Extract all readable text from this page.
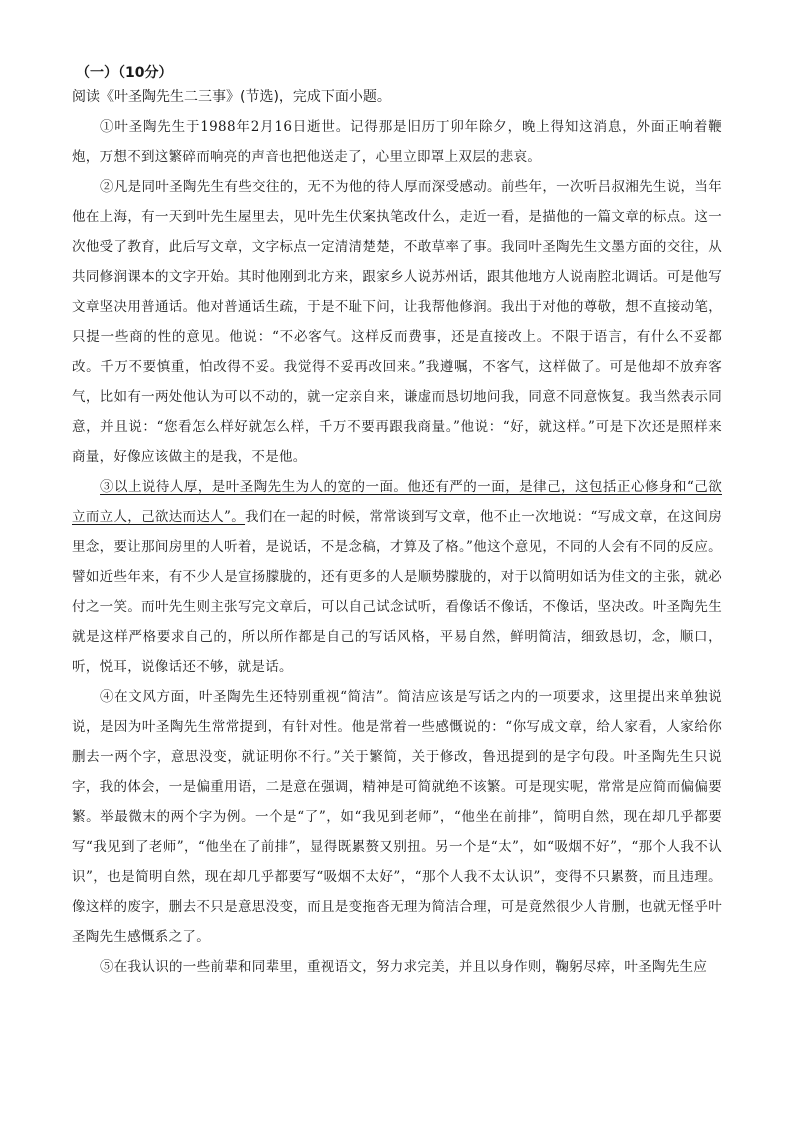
（一）（10分）
阅读《叶圣陶先生二三事》(节选)，完成下面小题。

①叶圣陶先生于1988年2月16日逝世。记得那是旧历丁卯年除夕，晚上得知这消息，外面正响着鞭炮，万想不到这繁碎而响亮的声音也把他送走了，心里立即罩上双层的悲哀。

②凡是同叶圣陶先生有些交往的，无不为他的待人厚而深受感动。前些年，一次听吕叔湘先生说，当年他在上海，有一天到叶先生屋里去，见叶先生伏案执笔改什么，走近一看，是描他的一篇文章的标点。这一次他受了教育，此后写文章，文字标点一定清清楚楚，不敢草率了事。我同叶圣陶先生文墨方面的交往，从共同修润课本的文字开始。其时他刚到北方来，跟家乡人说苏州话，跟其他地方人说南腔北调话。可是他写文章坚决用普通话。他对普通话生疏，于是不耻下问，让我帮他修润。我出于对他的尊敬，想不直接动笔，只提一些商的性的意见。他说：“不必客气。这样反而费事，还是直接改上。不限于语言，有什么不妥都改。千万不要慎重，怕改得不妥。我觉得不妥再改回来。”我遵嘱，不客气，这样做了。可是他却不放弃客气，比如有一两处他认为可以不动的，就一定亲自来，谦虚而恳切地问我，同意不同意恢复。我当然表示同意，并且说：“您看怎么样好就怎么样，千万不要再跟我商量。”他说：“好，就这样。”可是下次还是照样来商量，好像应该做主的是我，不是他。

③以上说待人厚，是叶圣陶先生为人的宽的一面。他还有严的一面，是律己，这包括正心修身和“己欲立而立人，己欲达而达人”。我们在一起的时候，常常谈到写文章，他不止一次地说：“写成文章，在这间房里念，要让那间房里的人听着，是说话，不是念稿，才算及了格。”他这个意见，不同的人会有不同的反应。譬如近些年来，有不少人是宣扬朦胧的，还有更多的人是顺势朦胧的，对于以简明如话为佳文的主张，就必付之一笑。而叶先生则主张写完文章后，可以自己试念试听，看像话不像话，不像话，坚决改。叶圣陶先生就是这样严格要求自己的，所以所作都是自己的写话风格，平易自然，鲜明简洁，细致恳切，念，顺口，听，悦耳，说像话还不够，就是话。

④在文风方面，叶圣陶先生还特别重视“简洁”。简洁应该是写话之内的一项要求，这里提出来单独说说，是因为叶圣陶先生常常提到，有针对性。他是常着一些感慨说的：“你写成文章，给人家看，人家给你删去一两个字，意思没变，就证明你不行。”关于繁简，关于修改，鲁迅提到的是字句段。叶圣陶先生只说字，我的体会，一是偏重用语，二是意在强调，精神是可简就绝不该繁。可是现实呢，常常是应简而偏偏要繁。举最微末的两个字为例。一个是“了”，如“我见到老师”，“他坐在前排”，简明自然，现在却几乎都要写“我见到了老师”，“他坐在了前排”，显得既累赘又别扭。另一个是“太”，如“吸烟不好”，“那个人我不认识”，也是简明自然，现在却几乎都要写“吸烟不太好”，“那个人我不太认识”，变得不只累赘，而且违理。像这样的废字，删去不只是意思没变，而且是变拖沓无理为简洁合理，可是竟然很少人肯删，也就无怪乎叶圣陶先生感慨系之了。

⑤在我认识的一些前辈和同辈里，重视语文，努力求完美，并且以身作则，鞠躬尽瘁，叶圣陶先生应
